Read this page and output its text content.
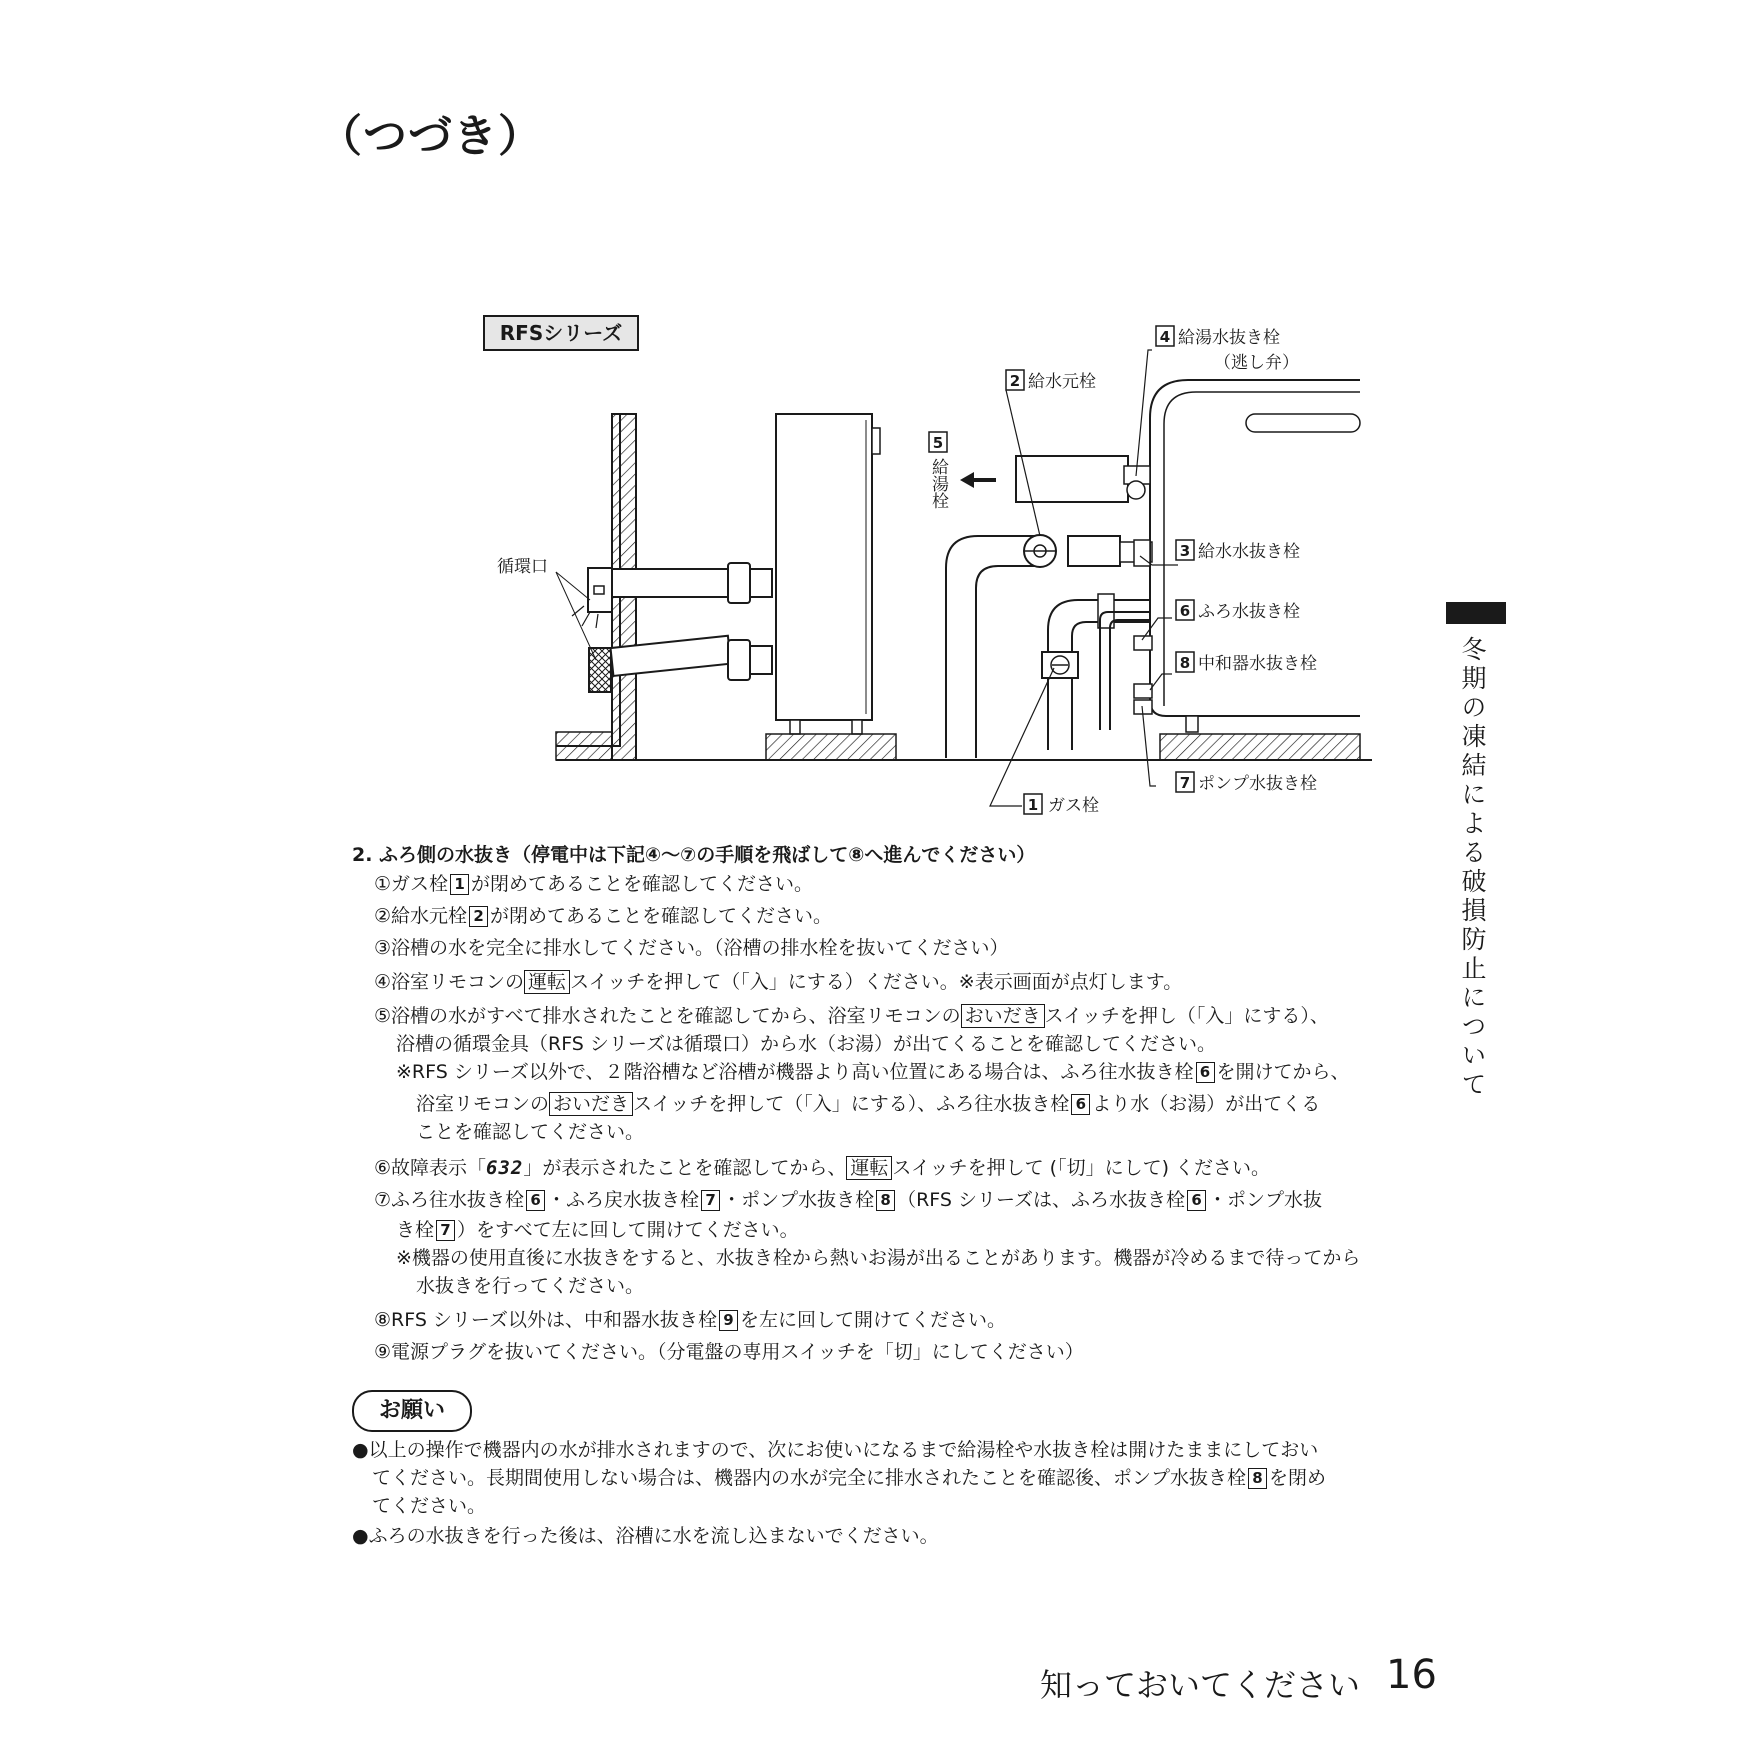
（つづき）
RFSシリーズ
循環口
4 給湯水抜き栓
（逃し弁）
2 給水元栓
5
給湯栓
3 給水水抜き栓
6 ふろ水抜き栓
8 中和器水抜き栓
7 ポンプ水抜き栓
1 ガス栓
2. ふろ側の水抜き（停電中は下記④～⑦の手順を飛ばして⑧へ進んでください）
①ガス栓 1 が閉めてあることを確認してください。
②給水元栓 2 が閉めてあることを確認してください。
③浴槽の水を完全に排水してください。（浴槽の排水栓を抜いてください）
④浴室リモコンの 運転 スイッチを押して（「入」にする）ください。※表示画面が点灯します。
⑤浴槽の水がすべて排水されたことを確認してから、浴室リモコンの おいだき スイッチを押し（「入」にする）、
浴槽の循環金具（RFS シリーズは循環口）から水（お湯）が出てくることを確認してください。
※RFS シリーズ以外で、２階浴槽など浴槽が機器より高い位置にある場合は、ふろ往水抜き栓 6 を開けてから、
浴室リモコンの おいだき スイッチを押して（「入」にする）、ふろ往水抜き栓 6 より水（お湯）が出てくる
ことを確認してください。
⑥故障表示「632」が表示されたことを確認してから、 運転 スイッチを押して (「切」にして) ください。
⑦ふろ往水抜き栓 6 ・ふろ戻水抜き栓 7 ・ポンプ水抜き栓 8 （RFS シリーズは、ふろ水抜き栓 6 ・ポンプ水抜
き栓 7 ）をすべて左に回して開けてください。
※機器の使用直後に水抜きをすると、水抜き栓から熱いお湯が出ることがあります。機器が冷めるまで待ってから
水抜きを行ってください。
⑧RFS シリーズ以外は、中和器水抜き栓 9 を左に回して開けてください。
⑨電源プラグを抜いてください。（分電盤の専用スイッチを「切」にしてください）
お願い
●以上の操作で機器内の水が排水されますので、次にお使いになるまで給湯栓や水抜き栓は開けたままにしておい
てください。長期間使用しない場合は、機器内の水が完全に排水されたことを確認後、ポンプ水抜き栓 8 を閉め
てください。
●ふろの水抜きを行った後は、浴槽に水を流し込まないでください。
冬期の凍結による破損防止について
知っておいてください 16
